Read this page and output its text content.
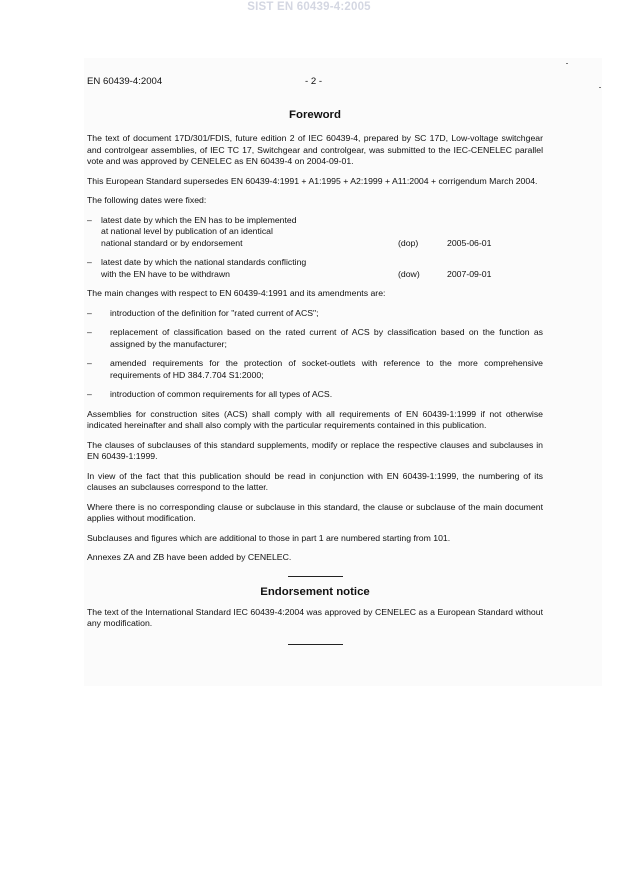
SIST EN 60439-4:2005
EN 60439-4:2004	- 2 -
Foreword

The text of document 17D/301/FDIS, future edition 2 of IEC 60439-4, prepared by SC 17D, Low-voltage switchgear and controlgear assemblies, of IEC TC 17, Switchgear and controlgear, was submitted to the IEC-CENELEC parallel vote and was approved by CENELEC as EN 60439-4 on 2004-09-01.

This European Standard supersedes EN 60439-4:1991 + A1:1995 + A2:1999 + A11:2004 + corrigendum March 2004.

The following dates were fixed:

–	latest date by which the EN has to be implemented
at national level by publication of an identical
national standard or by endorsement	(dop)	2005-06-01
–	latest date by which the national standards conflicting
with the EN have to be withdrawn	(dow)	2007-09-01

The main changes with respect to EN 60439-4:1991 and its amendments are:

–	introduction of the definition for "rated current of ACS";
–	replacement of classification based on the rated current of ACS by classification based on the function as assigned by the manufacturer;
–	amended requirements for the protection of socket-outlets with reference to the more comprehensive requirements of HD 384.7.704 S1:2000;
–	introduction of common requirements for all types of ACS.

Assemblies for construction sites (ACS) shall comply with all requirements of EN 60439-1:1999 if not otherwise indicated hereinafter and shall also comply with the particular requirements contained in this publication.

The clauses of subclauses of this standard supplements, modify or replace the respective clauses and subclauses in EN 60439-1:1999.

In view of the fact that this publication should be read in conjunction with EN 60439-1:1999, the numbering of its clauses an subclauses correspond to the latter.

Where there is no corresponding clause or subclause in this standard, the clause or subclause of the main document applies without modification.

Subclauses and figures which are additional to those in part 1 are numbered starting from 101.

Annexes ZA and ZB have been added by CENELEC.

Endorsement notice

The text of the International Standard IEC 60439-4:2004 was approved by CENELEC as a European Standard without any modification.
